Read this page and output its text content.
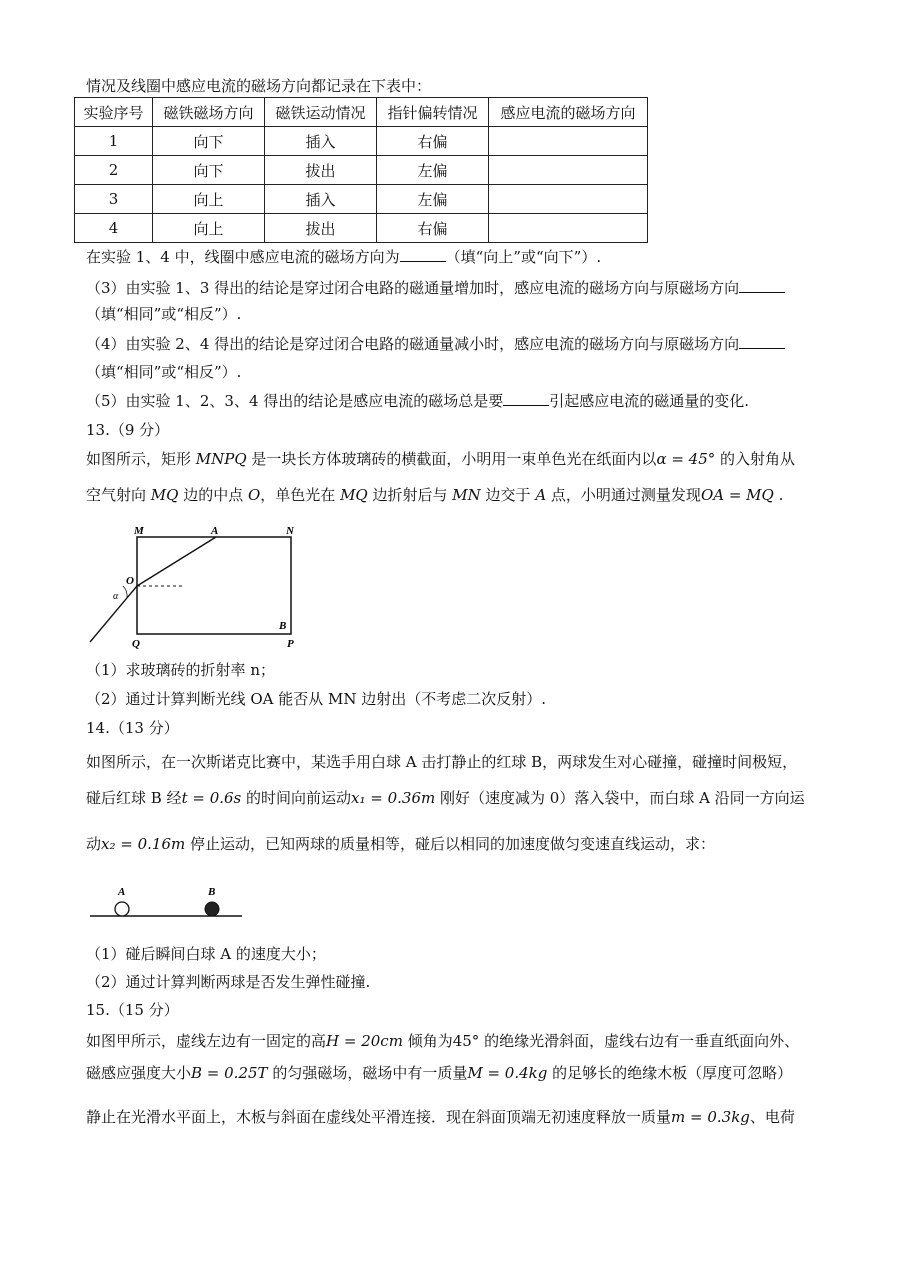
情况及线圈中感应电流的磁场方向都记录在下表中：
实验序号	磁铁磁场方向	磁铁运动情况	指针偏转情况	感应电流的磁场方向
1	向下	插入	右偏	
2	向下	拔出	左偏	
3	向上	插入	左偏	
4	向上	拔出	右偏	
在实验 1、4 中，线圈中感应电流的磁场方向为	（填“向上”或“向下”）.
（3）由实验 1、3 得出的结论是穿过闭合电路的磁通量增加时，感应电流的磁场方向与原磁场方向
（填“相同”或“相反”）.
（4）由实验 2、4 得出的结论是穿过闭合电路的磁通量减小时，感应电流的磁场方向与原磁场方向
（填“相同”或“相反”）.
（5）由实验 1、2、3、4 得出的结论是感应电流的磁场总是要	引起感应电流的磁通量的变化.
13.（9 分）
如图所示，矩形 MNPQ 是一块长方体玻璃砖的横截面，小明用一束单色光在纸面内以α = 45° 的入射角从
空气射向 MQ 边的中点 O，单色光在 MQ 边折射后与 MN 边交于 A 点，小明通过测量发现OA = MQ .
M	A	N
O
α
Q
B
P
（1）求玻璃砖的折射率 n；
（2）通过计算判断光线 OA 能否从 MN 边射出（不考虑二次反射）.
14.（13 分）
如图所示，在一次斯诺克比赛中，某选手用白球 A 击打静止的红球 B，两球发生对心碰撞，碰撞时间极短，
碰后红球 B 经t = 0.6s 的时间向前运动x₁ = 0.36m 刚好（速度减为 0）落入袋中，而白球 A 沿同一方向运
动x₂ = 0.16m 停止运动，已知两球的质量相等，碰后以相同的加速度做匀变速直线运动，求：
A	B
（1）碰后瞬间白球 A 的速度大小；
（2）通过计算判断两球是否发生弹性碰撞.
15.（15 分）
如图甲所示，虚线左边有一固定的高H = 20cm 倾角为45° 的绝缘光滑斜面，虚线右边有一垂直纸面向外、
磁感应强度大小B = 0.25T 的匀强磁场，磁场中有一质量M = 0.4kg 的足够长的绝缘木板（厚度可忽略）
静止在光滑水平面上，木板与斜面在虚线处平滑连接．现在斜面顶端无初速度释放一质量m = 0.3kg、电荷
